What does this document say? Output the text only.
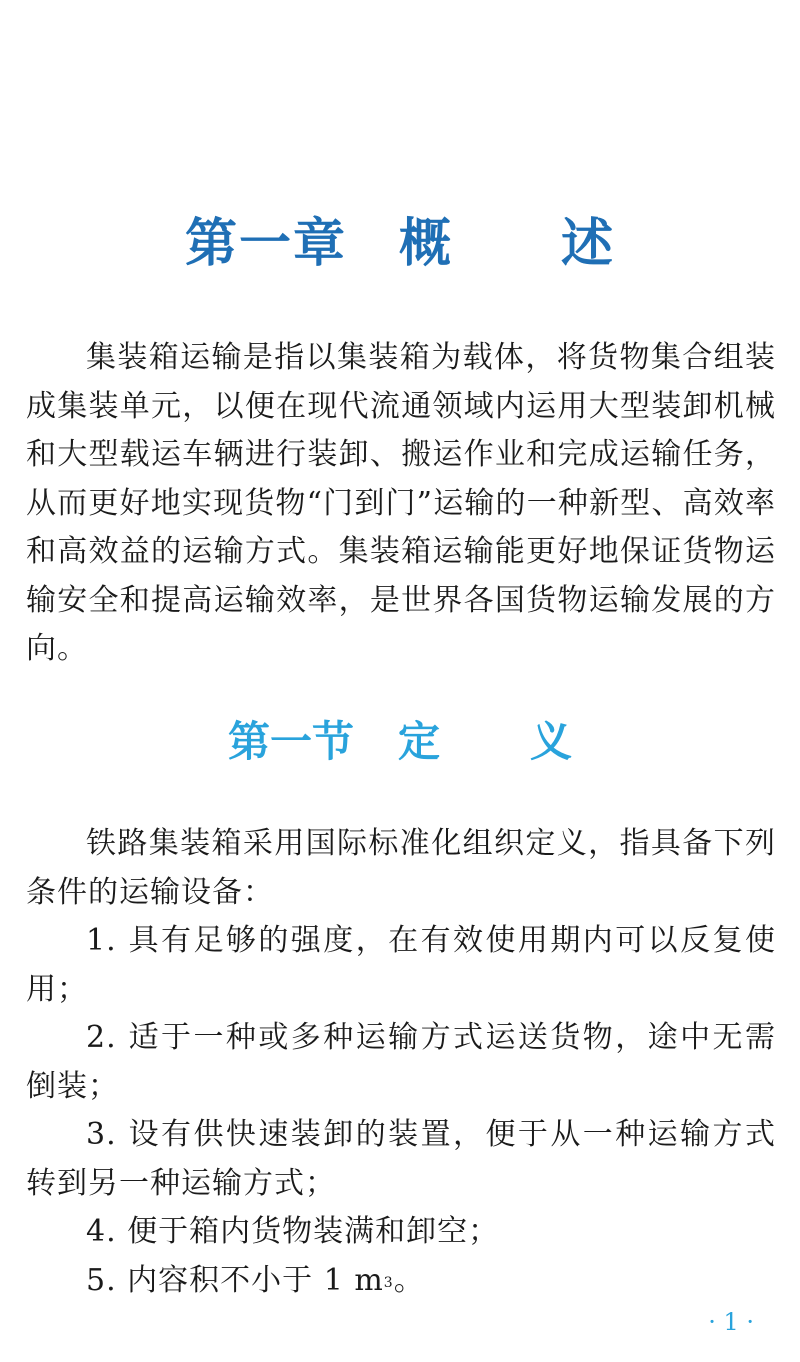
第一章 概 述

集装箱运输是指以集装箱为载体，将货物集合组装成集装单元，以便在现代流通领域内运用大型装卸机械和大型载运车辆进行装卸、搬运作业和完成运输任务，从而更好地实现货物“门到门”运输的一种新型、高效率和高效益的运输方式。集装箱运输能更好地保证货物运输安全和提高运输效率，是世界各国货物运输发展的方向。

第一节 定 义

铁路集装箱采用国际标准化组织定义，指具备下列条件的运输设备：

1. 具有足够的强度，在有效使用期内可以反复使用；

2. 适于一种或多种运输方式运送货物，途中无需倒装；

3. 设有供快速装卸的装置，便于从一种运输方式转到另一种运输方式；

4. 便于箱内货物装满和卸空；

5. 内容积不小于 1 $m^3$。

· 1 ·
